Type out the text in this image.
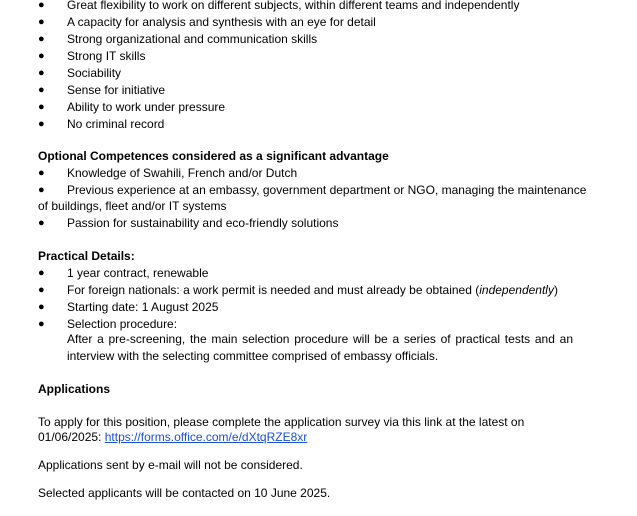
● Great flexibility to work on different subjects, within different teams and independently
● A capacity for analysis and synthesis with an eye for detail
● Strong organizational and communication skills
● Strong IT skills
● Sociability
● Sense for initiative
● Ability to work under pressure
● No criminal record
Optional Competences considered as a significant advantage
● Knowledge of Swahili, French and/or Dutch
● Previous experience at an embassy, government department or NGO, managing the maintenance
of buildings, fleet and/or IT systems
● Passion for sustainability and eco-friendly solutions
Practical Details:
● 1 year contract, renewable
● For foreign nationals: a work permit is needed and must already be obtained (independently)
● Starting date: 1 August 2025
● Selection procedure:
After a pre-screening, the main selection procedure will be a series of practical tests and an interview with the selecting committee comprised of embassy officials.
Applications
To apply for this position, please complete the application survey via this link at the latest on
01/06/2025: https://forms.office.com/e/dXtqRZE8xr
Applications sent by e-mail will not be considered.
Selected applicants will be contacted on 10 June 2025.
